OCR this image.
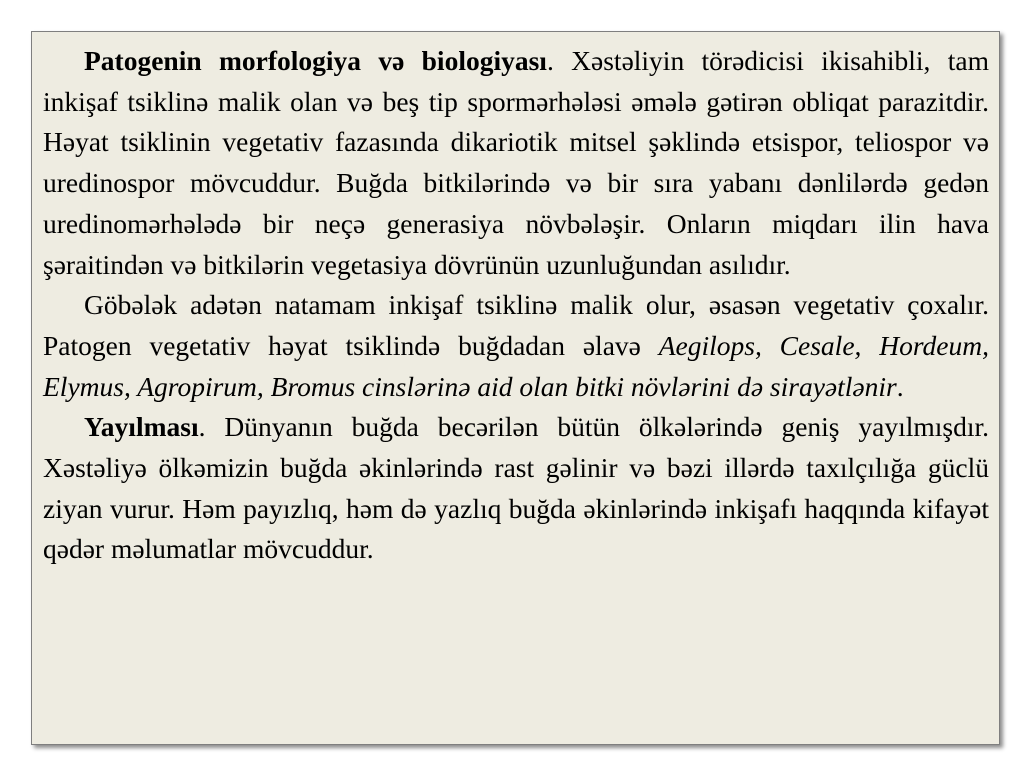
Patogenin morfologiya və biologiyası. Xəstəliyin törədicisi ikisahibli, tam inkişaf tsiklinə malik olan və beş tip spormərhələsi əmələ gətirən obliqat parazitdir. Həyat tsiklinin vegetativ fazasında dikariotik mitsel şəklində etsispor, teliospor və uredinospor mövcuddur. Buğda bitkilərində və bir sıra yabanı dənlilərdə gedən uredinomərhələdə bir neçə generasiya növbələşir. Onların miqdarı ilin hava şəraitindən və bitkilərin vegetasiya dövrünün uzunluğundan asılıdır.

Göbələk adətən natamam inkişaf tsiklinə malik olur, əsasən vegetativ çoxalır. Patogen vegetativ həyat tsiklində buğdadan əlavə Aegilops, Cesale, Hordeum, Elymus, Agropirum, Bromus cinslərinə aid olan bitki növlərini də sirayətlənir.

Yayılması. Dünyanın buğda becərilən bütün ölkələrində geniş yayılmışdır. Xəstəliyə ölkəmizin buğda əkinlərində rast gəlinir və bəzi illərdə taxılçılığa güclü ziyan vurur. Həm payızlıq, həm də yazlıq buğda əkinlərində inkişafı haqqında kifayət qədər məlumatlar mövcuddur.
